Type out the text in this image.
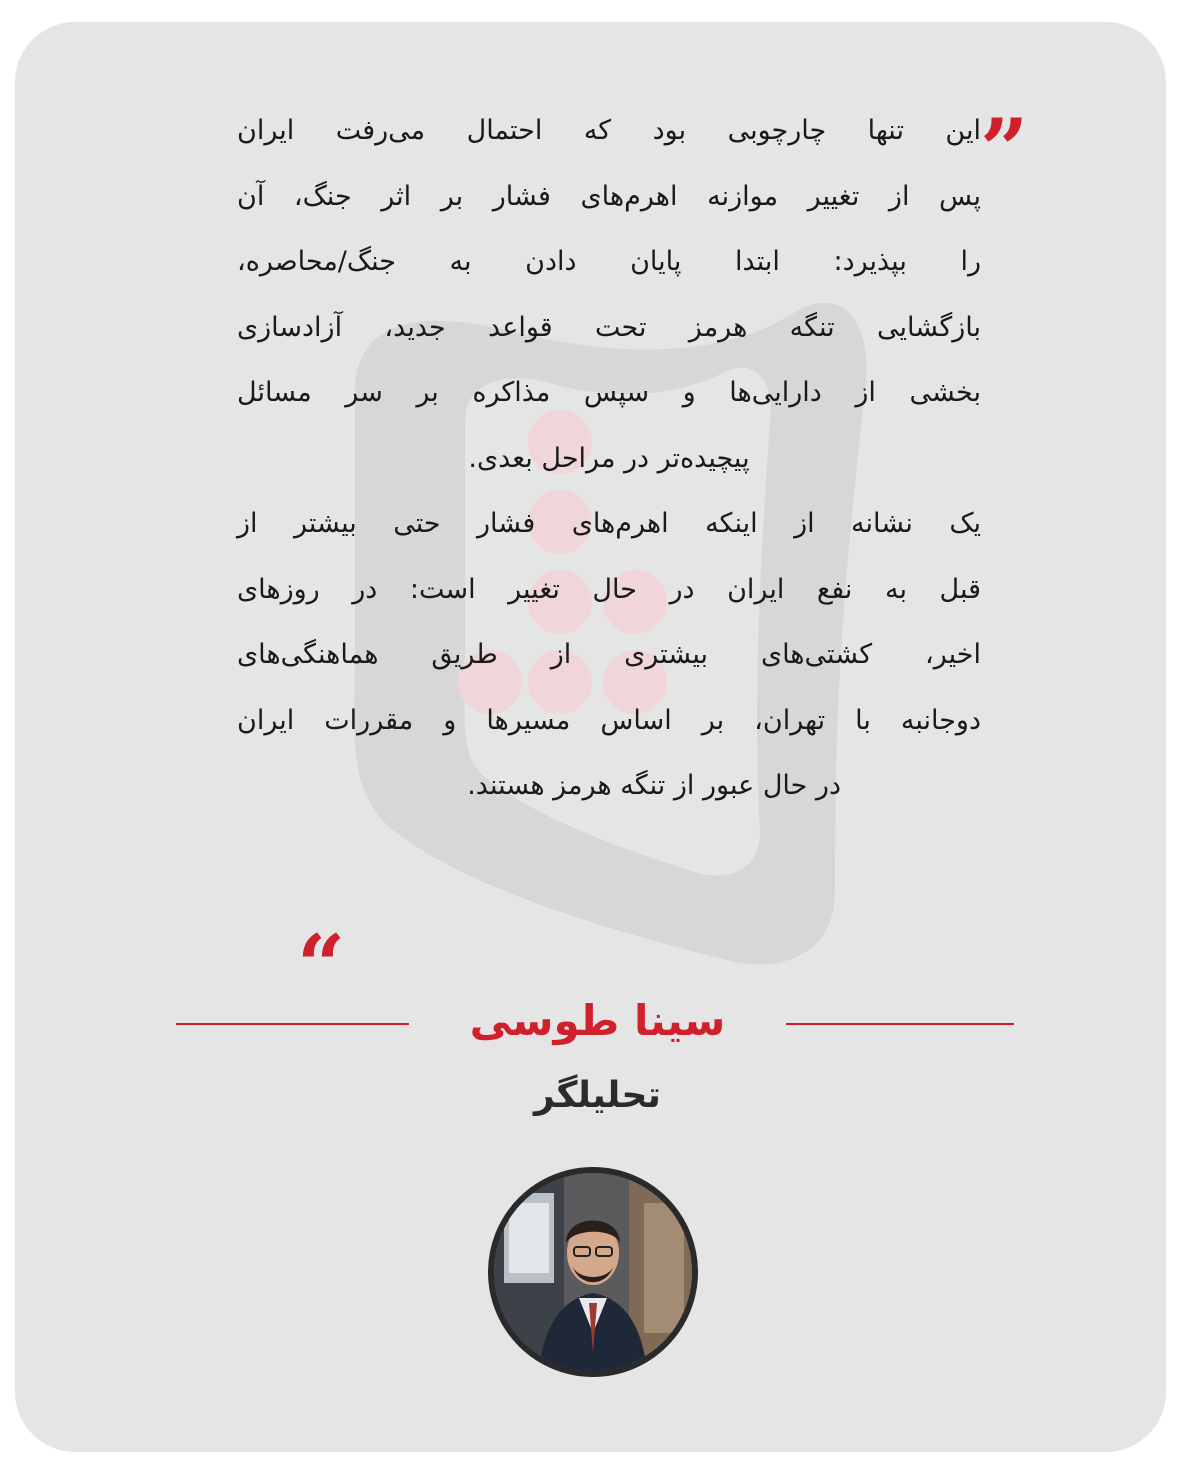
”
این تنها چارچوبی بود که احتمال می‌رفت ایران
پس از تغییر موازنه اهرم‌های فشار بر اثر جنگ، آن
را بپذیرد: ابتدا پایان دادن به جنگ/محاصره،
بازگشایی تنگه هرمز تحت قواعد جدید، آزادسازی
بخشی از دارایی‌ها و سپس مذاکره بر سر مسائل
پیچیده‌تر در مراحل بعدی.
یک نشانه از اینکه اهرم‌های فشار حتی بیشتر از
قبل به نفع ایران در حال تغییر است: در روزهای
اخیر، کشتی‌های بیشتری از طریق هماهنگی‌های
دوجانبه با تهران، بر اساس مسیرها و مقررات ایران
در حال عبور از تنگه هرمز هستند.
“
سینا طوسی
تحلیلگر
